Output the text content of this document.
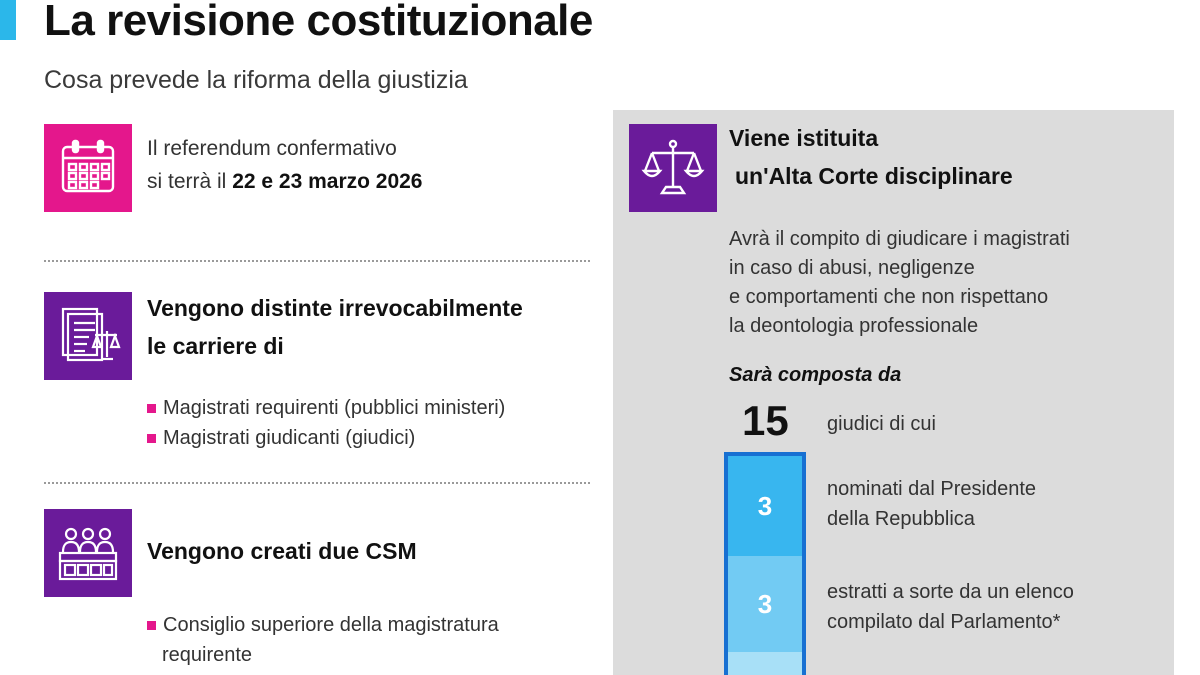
La revisione costituzionale
Cosa prevede la riforma della giustizia
Il referendum confermativo
si terrà il 22 e 23 marzo 2026
Vengono distinte irrevocabilmente
le carriere di
Magistrati requirenti (pubblici ministeri)
Magistrati giudicanti (giudici)
Vengono creati due CSM
Consiglio superiore della magistratura
requirente
Viene istituita
un'Alta Corte disciplinare
Avrà il compito di giudicare i magistrati
in caso di abusi, negligenze
e comportamenti che non rispettano
la deontologia professionale
Sarà composta da
15 giudici di cui
3
3
nominati dal Presidente
della Repubblica
estratti a sorte da un elenco
compilato dal Parlamento*
